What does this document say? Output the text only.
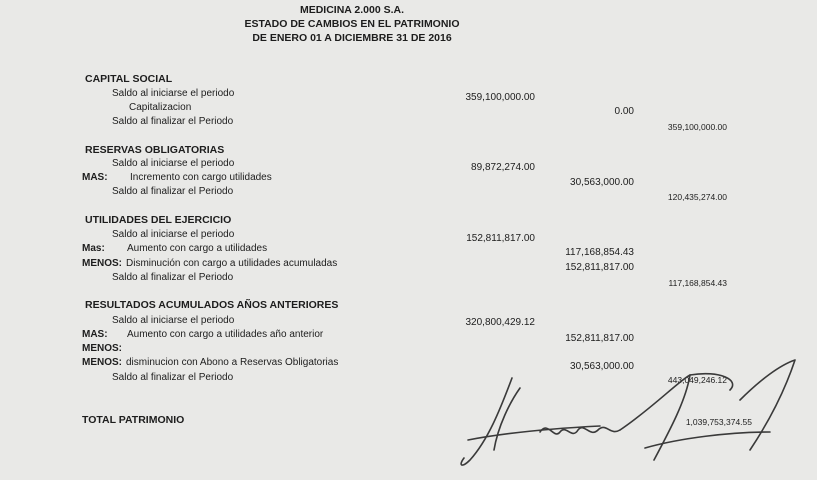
MEDICINA 2.000 S.A.
ESTADO DE CAMBIOS EN EL PATRIMONIO
DE ENERO 01 A DICIEMBRE 31 DE 2016
CAPITAL SOCIAL
Saldo al iniciarse el periodo	359,100,000.00
Capitalizacion	0.00
Saldo al finalizar el Periodo	359,100,000.00
RESERVAS OBLIGATORIAS
Saldo al iniciarse el periodo	89,872,274.00
MAS: Incremento con cargo utilidades	30,563,000.00
Saldo al finalizar el Periodo	120,435,274.00
UTILIDADES DEL EJERCICIO
Saldo al iniciarse el periodo	152,811,817.00
Mas: Aumento con cargo a utilidades	117,168,854.43
MENOS: Disminución con cargo a utilidades acumuladas	152,811,817.00
Saldo al finalizar el Periodo	117,168,854.43
RESULTADOS ACUMULADOS AÑOS ANTERIORES
Saldo al iniciarse el periodo	320,800,429.12
MAS: Aumento con cargo a utilidades año anterior	152,811,817.00
MENOS:
MENOS: disminucion con Abono a Reservas Obligatorias	30,563,000.00
Saldo al finalizar el Periodo	443,049,246.12
TOTAL PATRIMONIO	1,039,753,374.55
